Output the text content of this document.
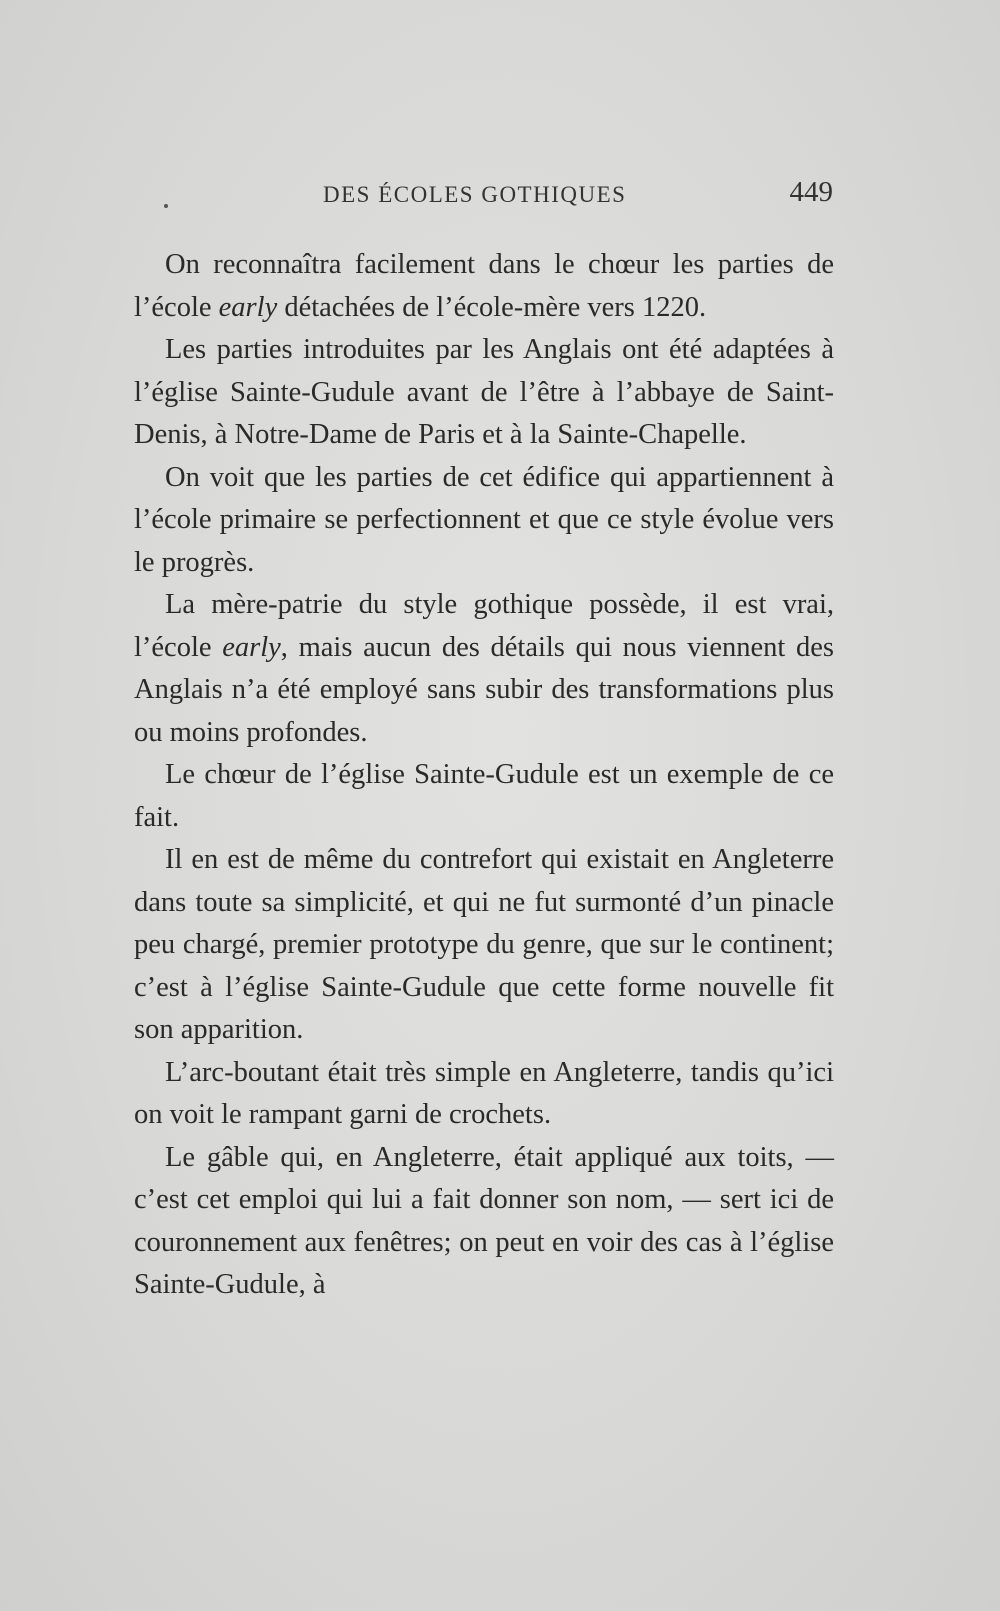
DES ÉCOLES GOTHIQUES	449

On reconnaîtra facilement dans le chœur les parties de l’école early détachées de l’école-mère vers 1220.

Les parties introduites par les Anglais ont été adaptées à l’église Sainte-Gudule avant de l’être à l’abbaye de Saint-Denis, à Notre-Dame de Paris et à la Sainte-Chapelle.

On voit que les parties de cet édifice qui appartiennent à l’école primaire se perfectionnent et que ce style évolue vers le progrès.

La mère-patrie du style gothique possède, il est vrai, l’école early, mais aucun des détails qui nous viennent des Anglais n’a été employé sans subir des transformations plus ou moins profondes.

Le chœur de l’église Sainte-Gudule est un exemple de ce fait.

Il en est de même du contrefort qui existait en Angleterre dans toute sa simplicité, et qui ne fut surmonté d’un pinacle peu chargé, premier prototype du genre, que sur le continent; c’est à l’église Sainte-Gudule que cette forme nouvelle fit son apparition.

L’arc-boutant était très simple en Angleterre, tandis qu’ici on voit le rampant garni de crochets.

Le gâble qui, en Angleterre, était appliqué aux toits, — c’est cet emploi qui lui a fait donner son nom, — sert ici de couronnement aux fenêtres; on peut en voir des cas à l’église Sainte-Gudule, à
